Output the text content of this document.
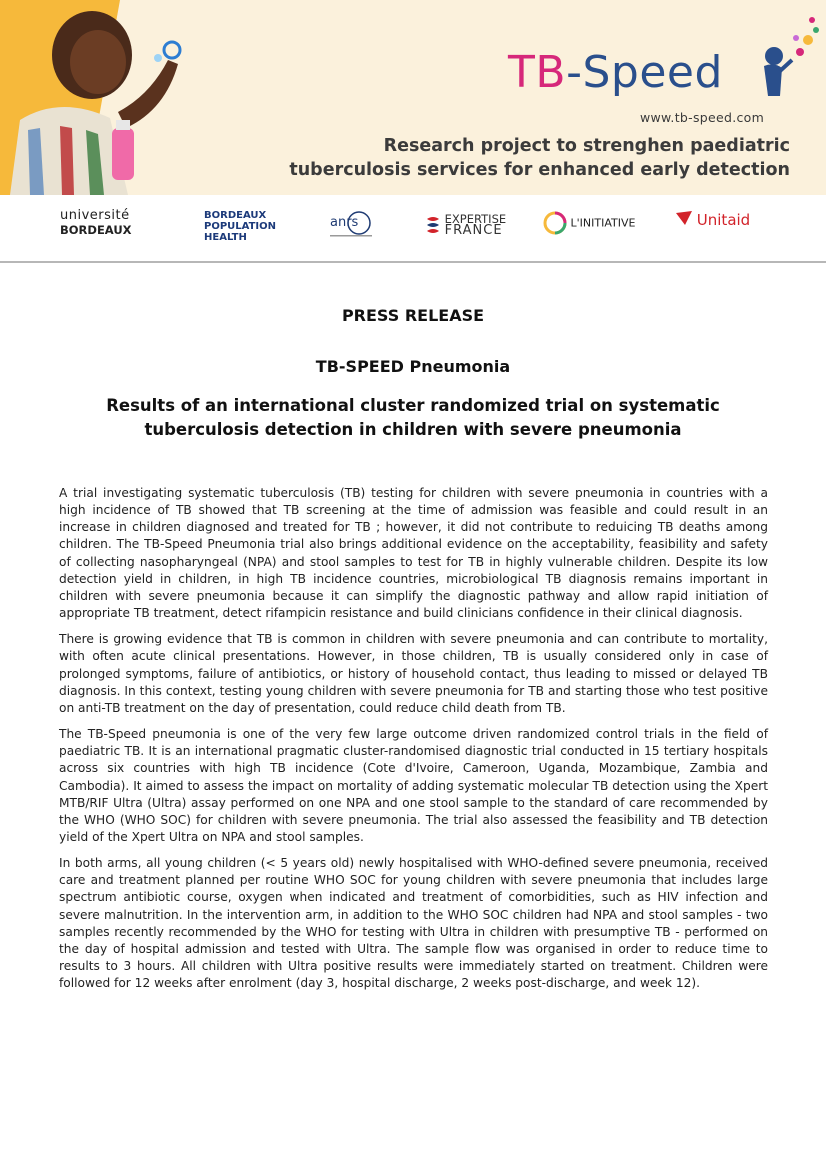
TB-Speed
www.tb-speed.com
Research project to strenghen paediatric
tuberculosis services for enhanced early detection
université
BORDEAUX
BORDEAUX
POPULATION
HEALTH
anrs
	EXPERTISE
FRANCE	L'INITIATIVE	Unitaid
PRESS RELEASE
TB-SPEED Pneumonia
Results of an international cluster randomized trial on systematic tuberculosis detection in children with severe pneumonia

A trial investigating systematic tuberculosis (TB) testing for children with severe pneumonia in countries with a high incidence of TB showed that TB screening at the time of admission was feasible and could result in an increase in children diagnosed and treated for TB ; however, it did not contribute to reduicing TB deaths among children. The TB-Speed Pneumonia trial also brings additional evidence on the acceptability, feasibility and safety of collecting nasopharyngeal (NPA) and stool samples to test for TB in highly vulnerable children. Despite its low detection yield in children, in high TB incidence countries, microbiological TB diagnosis remains important in children with severe pneumonia because it can simplify the diagnostic pathway and allow rapid initiation of appropriate TB treatment, detect rifampicin resistance and build clinicians confidence in their clinical diagnosis.

There is growing evidence that TB is common in children with severe pneumonia and can contribute to mortality, with often acute clinical presentations. However, in those children, TB is usually considered only in case of prolonged symptoms, failure of antibiotics, or history of household contact, thus leading to missed or delayed TB diagnosis. In this context, testing young children with severe pneumonia for TB and starting those who test positive on anti-TB treatment on the day of presentation, could reduce child death from TB.

The TB-Speed pneumonia is one of the very few large outcome driven randomized control trials in the field of paediatric TB. It is an international pragmatic cluster-randomised diagnostic trial conducted in 15 tertiary hospitals across six countries with high TB incidence (Cote d'Ivoire, Cameroon, Uganda, Mozambique, Zambia and Cambodia). It aimed to assess the impact on mortality of adding systematic molecular TB detection using the Xpert MTB/RIF Ultra (Ultra) assay performed on one NPA and one stool sample to the standard of care recommended by the WHO (WHO SOC) for children with severe pneumonia. The trial also assessed the feasibility and TB detection yield of the Xpert Ultra on NPA and stool samples.

In both arms, all young children (< 5 years old) newly hospitalised with WHO-defined severe pneumonia, received care and treatment planned per routine WHO SOC for young children with severe pneumonia that includes large spectrum antibiotic course, oxygen when indicated and treatment of comorbidities, such as HIV infection and severe malnutrition. In the intervention arm, in addition to the WHO SOC children had NPA and stool samples - two samples recently recommended by the WHO for testing with Ultra in children with presumptive TB - performed on the day of hospital admission and tested with Ultra. The sample flow was organised in order to reduce time to results to 3 hours. All children with Ultra positive results were immediately started on treatment. Children were followed for 12 weeks after enrolment (day 3, hospital discharge, 2 weeks post-discharge, and week 12).
